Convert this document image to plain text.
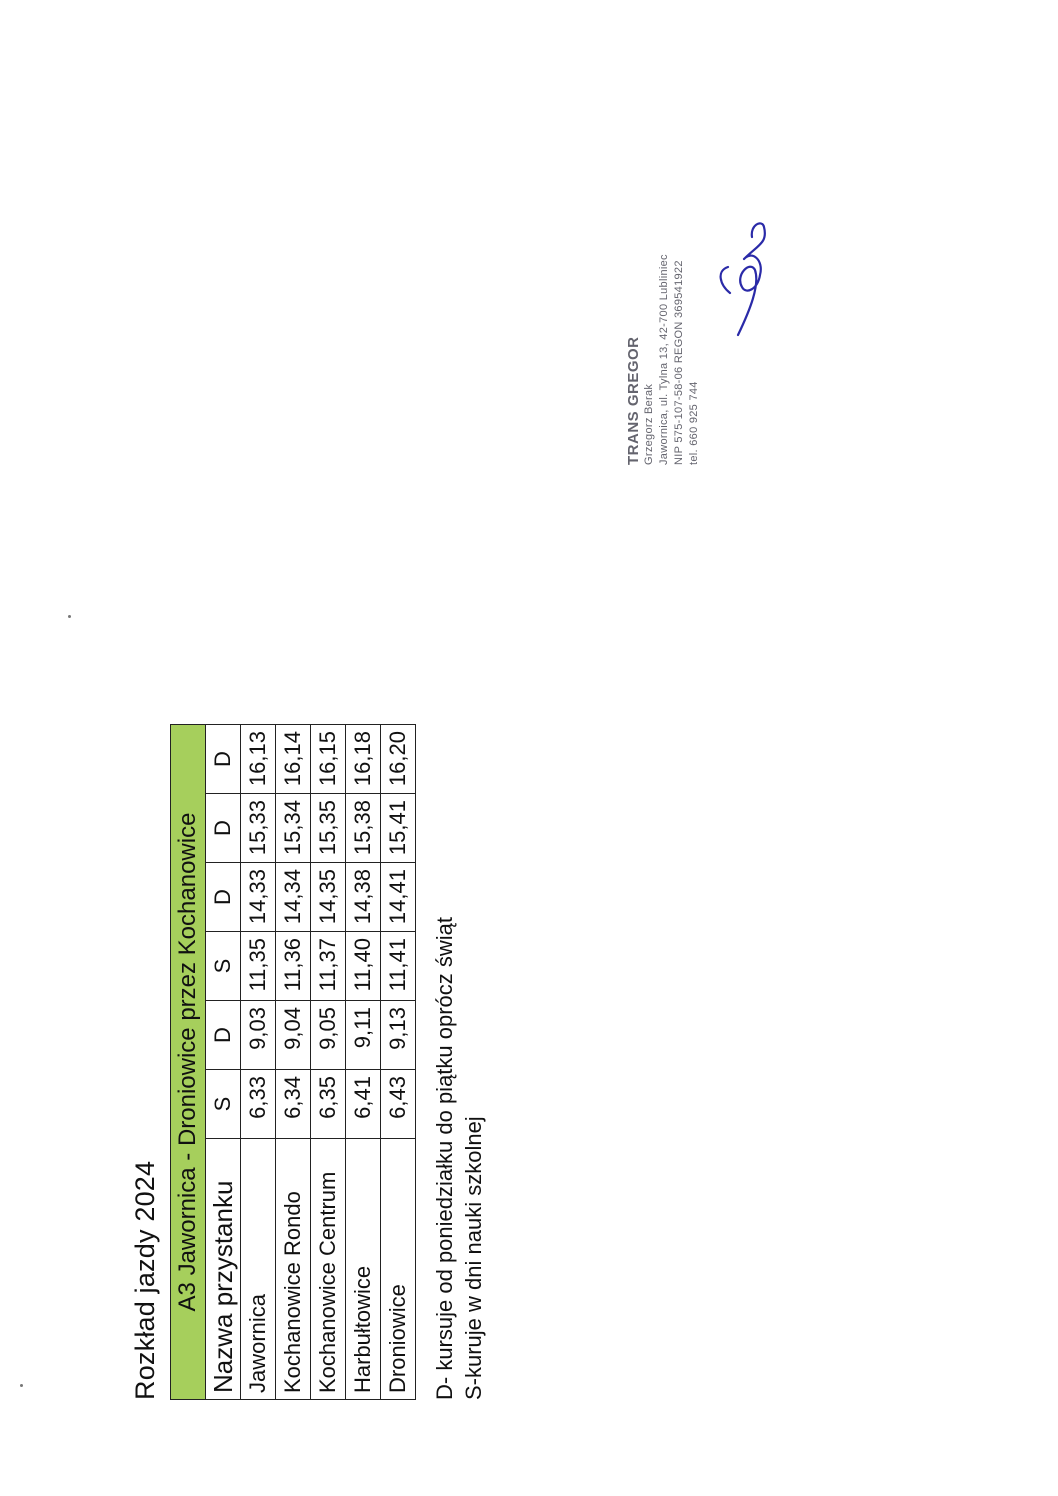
Rozkład jazdy 2024 A3 Jawornica - Droniowice przez Kochanowice						
Nazwa przystanku	S	D	S	D	D	D
Jawornica	6,33	9,03	11,35	14,33	15,33	16,13
Kochanowice Rondo	6,34	9,04	11,36	14,34	15,34	16,14
Kochanowice Centrum	6,35	9,05	11,37	14,35	15,35	16,15
Harbułtowice	6,41	9,11	11,40	14,38	15,38	16,18
Droniowice	6,43	9,13	11,41	14,41	15,41	16,20
D- kursuje od poniedziałku do piątku oprócz świąt S-kuruje w dni nauki szkolnej
TRANS GREGOR Grzegorz Berak Jawornica, ul. Tylna 13, 42-700 Lubliniec NIP 575-107-58-06 REGON 369541922 tel. 660 925 744
